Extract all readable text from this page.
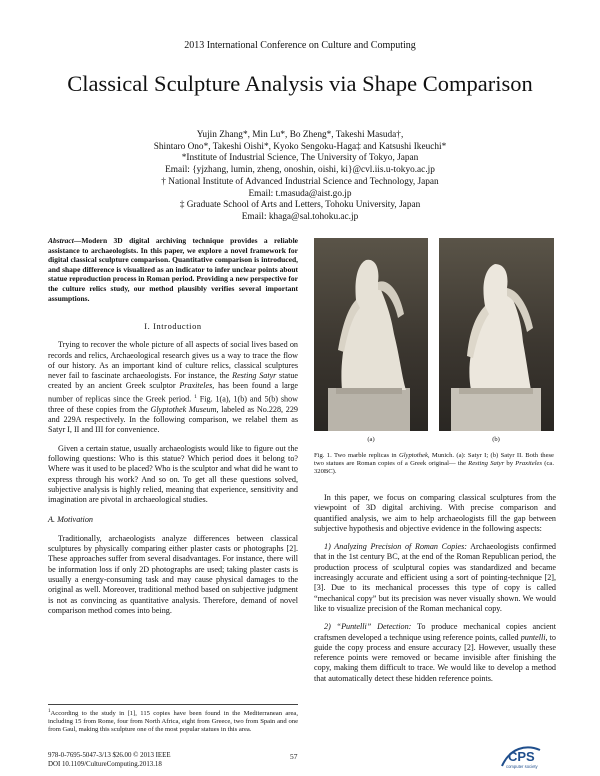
2013 International Conference on Culture and Computing
Classical Sculpture Analysis via Shape Comparison
Yujin Zhang*, Min Lu*, Bo Zheng*, Takeshi Masuda†,
Shintaro Ono*, Takeshi Oishi*, Kyoko Sengoku-Haga‡ and Katsushi Ikeuchi*
*Institute of Industrial Science, The University of Tokyo, Japan
Email: {yjzhang, lumin, zheng, onoshin, oishi, ki}@cvl.iis.u-tokyo.ac.jp
† National Institute of Advanced Industrial Science and Technology, Japan
Email: t.masuda@aist.go.jp
‡ Graduate School of Arts and Letters, Tohoku University, Japan
Email: khaga@sal.tohoku.ac.jp
Abstract—Modern 3D digital archiving technique provides a reliable assistance to archaeologists. In this paper, we explore a novel framework for digital classical sculpture comparison. Quantitative comparison is introduced, and shape difference is visualized as an indicator to infer unclear points about statue reproduction process in Roman period. Providing a new perspective for the culture relics study, our method plausibly verifies several important assumptions.
I. Introduction

Trying to recover the whole picture of all aspects of social lives based on records and relics, Archaeological research gives us a way to trace the flow of our history. As an important kind of culture relics, classical sculptures never fail to fascinate archaeologists. For instance, the Resting Satyr statue created by an ancient Greek sculptor Praxiteles, has been found a large number of replicas since the Greek period. $^1$ Fig. 1(a), 1(b) and 5(b) show three of these copies from the Glyptothek Museum, labeled as No.228, 229 and 229A respectively. In the following comparison, we relabel them as Satyr I, II and III for convenience.

Given a certain statue, usually archaeologists would like to figure out the following questions: Who is this statue? Which period does it belong to? Where was it used to be placed? Who is the sculptor and what did he want to express through his work? And so on. To get all these questions solved, subjective analysis is highly relied, meaning that experience, sensitivity and imagination are pivotal in archaeological studies.

A. Motivation

Traditionally, archaeologists analyze differences between classical sculptures by physically comparing either plaster casts or photographs [2]. These approaches suffer from several disadvantages. For instance, there will be information loss if only 2D photographs are used; taking plaster casts is usually a energy-consuming task and may cause physical damages to the original as well. Moreover, traditional method based on subjective judgment is not as convincing as quantitative analysis. Therefore, demand of novel comparison method comes into being.

$^1$According to the study in [1], 115 copies have been found in the Mediterranean area, including 15 from Rome, four from North Africa, eight from Greece, two from Spain and one from Gaul, making this sculpture one of the most popular statues in this area.
(a)	(b)
Fig. 1. Two marble replicas in Glyptothek, Munich. (a): Satyr I; (b) Satyr II. Both these two statues are Roman copies of a Greek original— the Resting Satyr by Praxiteles (ca. 320BC).

In this paper, we focus on comparing classical sculptures from the viewpoint of 3D digital archiving. With precise comparison and quantified analysis, we aim to help archaeologists fill the gap between subjective hypothesis and objective evidence in the following aspects:

1) Analyzing Precision of Roman Copies: Archaeologists confirmed that in the 1st century BC, at the end of the Roman Republican period, the production process of sculptural copies was standardized and became increasingly accurate and efficient using a sort of pointing-technique [2], [3]. Due to its mechanical processes this type of copy is called “mechanical copy” but its precision was never visually shown. We would like to visualize precision of the Roman mechanical copy.

2) “Puntelli” Detection: To produce mechanical copies ancient craftsmen developed a technique using reference points, called puntelli, to guide the copy process and ensure accuracy [2]. However, usually these reference points were removed or became invisible after finishing the copy, making them difficult to trace. We would like to develop a method that automatically detect these hidden reference points.

978-0-7695-5047-3/13 $26.00 © 2013 IEEE
DOI 10.1109/CultureComputing.2013.18
57	CPS
computer society
